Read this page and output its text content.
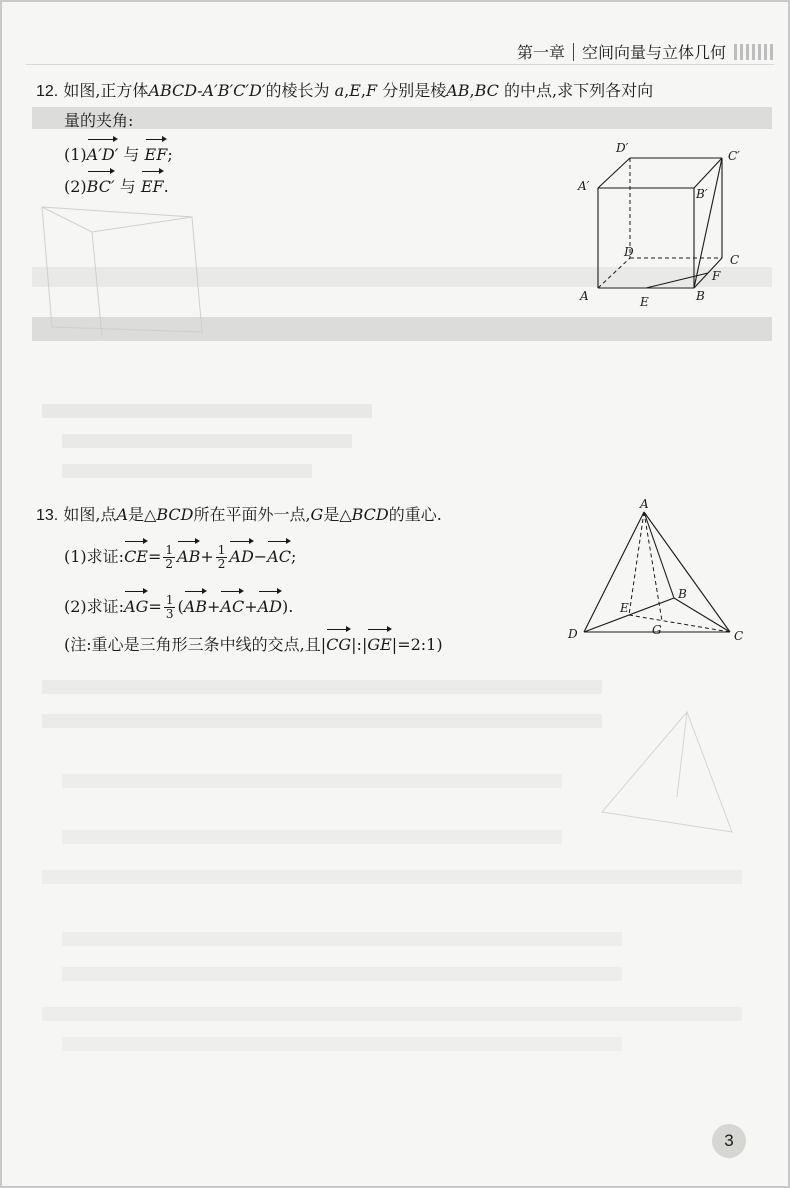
第一章 空间向量与立体几何
12. 如图,正方体ABCD-A′B′C′D′的棱长为 a,E,F 分别是棱AB,BC 的中点,求下列各对向
量的夹角:
(1)A′D′ 与 EF;
(2)BC′ 与 EF.
D′
C′
A′
B′
D
C
A	E	B
F
13. 如图,点A是△BCD所在平面外一点,G是△BCD的重心.
(1)求证:CE= $\frac{1}{2} AB+ \frac{1}{2} AD-AC$;
(2)求证:AG= $\frac{1}{3} (AB+AC+AD)$.
(注:重心是三角形三条中线的交点,且|CG|:|GE|=2:1)
A
B
E
D	G	C
3
